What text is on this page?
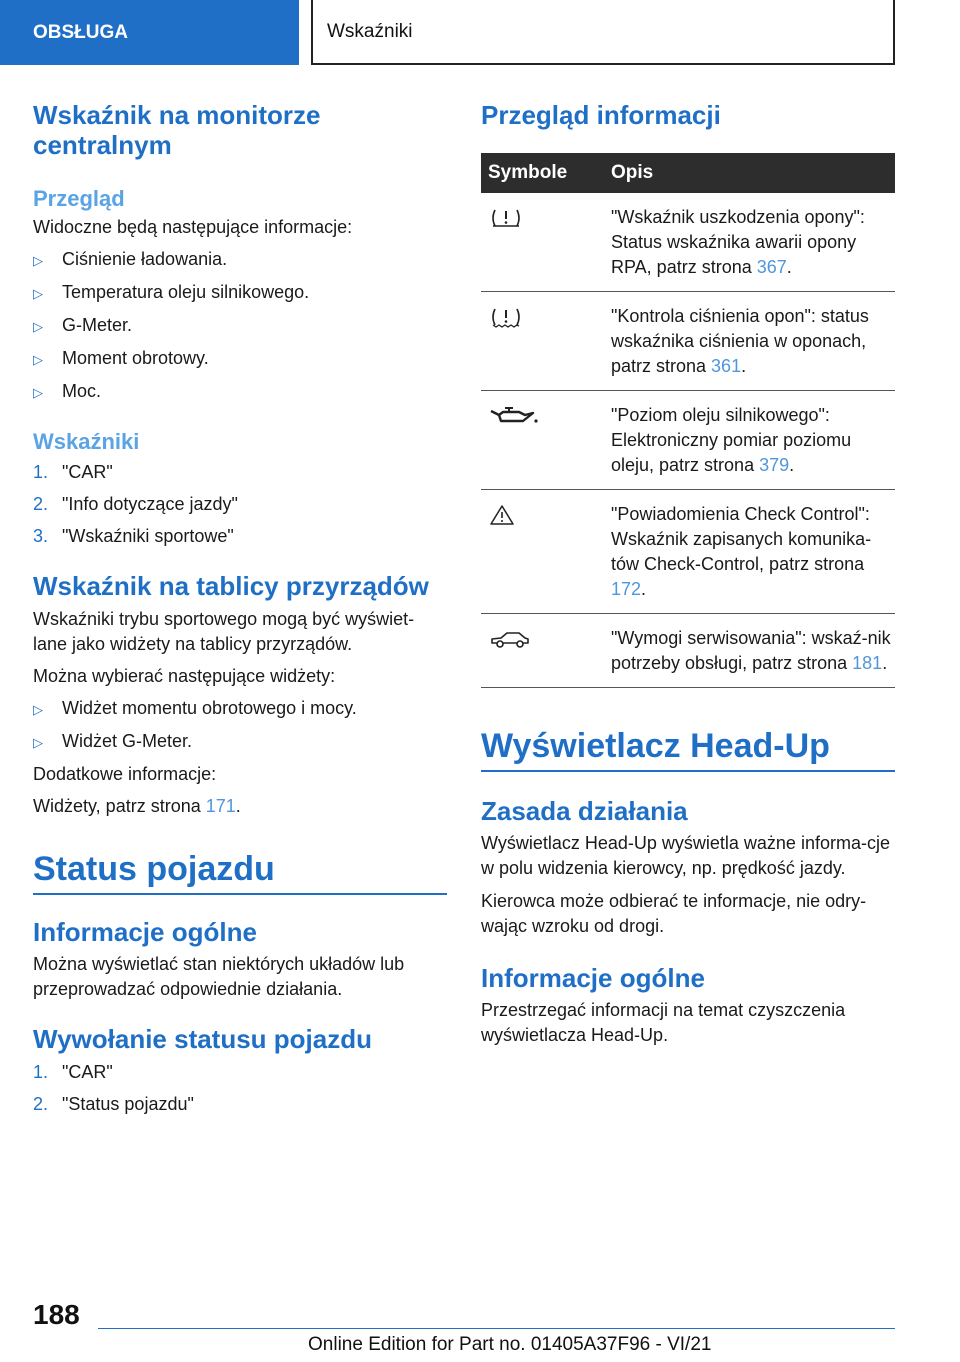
OBSŁUGA	Wskaźniki
Wskaźnik na monitorze centralnym
Przegląd

Widoczne będą następujące informacje:

▷	Ciśnienie ładowania.
▷	Temperatura oleju silnikowego.
▷	G-Meter.
▷	Moment obrotowy.
▷	Moc.
Wskaźniki
1. "CAR"
2. "Info dotyczące jazdy"
3. "Wskaźniki sportowe"
Wskaźnik na tablicy przyrządów

Wskaźniki trybu sportowego mogą być wyświet-lane jako widżety na tablicy przyrządów.

Można wybierać następujące widżety:

▷	Widżet momentu obrotowego i mocy.
▷	Widżet G-Meter.

Dodatkowe informacje:

Widżety, patrz strona 171.

Status pojazdu
Informacje ogólne

Można wyświetlać stan niektórych układów lub przeprowadzać odpowiednie działania.

Wywołanie statusu pojazdu
1. "CAR"
2. "Status pojazdu"
Przegląd informacji
Symbole	Opis
	"Wskaźnik uszkodzenia opony": Status wskaźnika awarii opony RPA, patrz strona 367.
	"Kontrola ciśnienia opon": status wskaźnika ciśnienia w oponach, patrz strona 361.
	"Poziom oleju silnikowego": Elektroniczny pomiar poziomu oleju, patrz strona 379.
	"Powiadomienia Check Control": Wskaźnik zapisanych komunika-tów Check-Control, patrz strona 172.
	"Wymogi serwisowania": wskaź-nik potrzeby obsługi, patrz strona 181.
Wyświetlacz Head-Up
Zasada działania

Wyświetlacz Head-Up wyświetla ważne informa-cje w polu widzenia kierowcy, np. prędkość jazdy.

Kierowca może odbierać te informacje, nie odry-wając wzroku od drogi.

Informacje ogólne

Przestrzegać informacji na temat czyszczenia wyświetlacza Head-Up.

188
Online Edition for Part no. 01405A37F96 - VI/21
